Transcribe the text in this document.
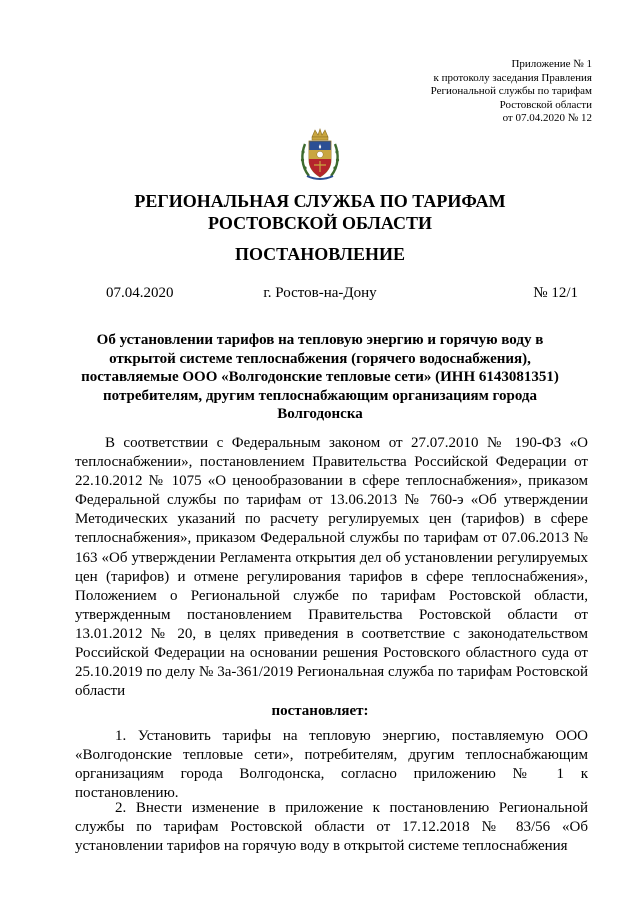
Приложение № 1
к протоколу заседания Правления
Региональной службы по тарифам
Ростовской области
от 07.04.2020 № 12
РЕГИОНАЛЬНАЯ СЛУЖБА ПО ТАРИФАМ
РОСТОВСКОЙ ОБЛАСТИ
ПОСТАНОВЛЕНИЕ
07.04.2020	г. Ростов-на-Дону	№ 12/1
Об установлении тарифов на тепловую энергию и горячую воду в открытой системе теплоснабжения (горячего водоснабжения), поставляемые ООО «Волгодонские тепловые сети» (ИНН 6143081351) потребителям, другим теплоснабжающим организациям города Волгодонска
В соответствии с Федеральным законом от 27.07.2010 № 190-ФЗ «О теплоснабжении», постановлением Правительства Российской Федерации от 22.10.2012 № 1075 «О ценообразовании в сфере теплоснабжения», приказом Федеральной службы по тарифам от 13.06.2013 № 760-э «Об утверждении Методических указаний по расчету регулируемых цен (тарифов) в сфере теплоснабжения», приказом Федеральной службы по тарифам от 07.06.2013 № 163 «Об утверждении Регламента открытия дел об установлении регулируемых цен (тарифов) и отмене регулирования тарифов в сфере теплоснабжения», Положением о Региональной службе по тарифам Ростовской области, утвержденным постановлением Правительства Ростовской области от 13.01.2012 № 20, в целях приведения в соответствие с законодательством Российской Федерации на основании решения Ростовского областного суда от 25.10.2019 по делу № 3а-361/2019 Региональная служба по тарифам Ростовской области
постановляет:
1. Установить тарифы на тепловую энергию, поставляемую ООО «Волгодонские тепловые сети», потребителям, другим теплоснабжающим организациям города Волгодонска, согласно приложению № 1 к постановлению.
2. Внести изменение в приложение к постановлению Региональной службы по тарифам Ростовской области от 17.12.2018 № 83/56 «Об установлении тарифов на горячую воду в открытой системе теплоснабжения
